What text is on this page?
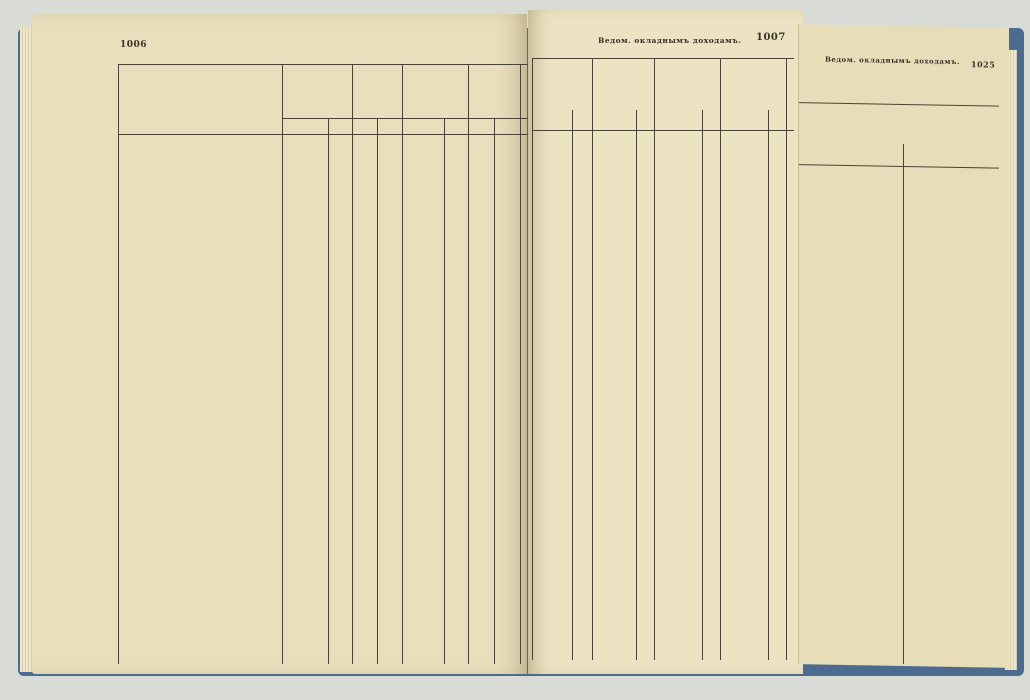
1006	Ведом. окладнымъ доходамъ. 1007
Ведом. окладнымъ доходамъ. 1025
